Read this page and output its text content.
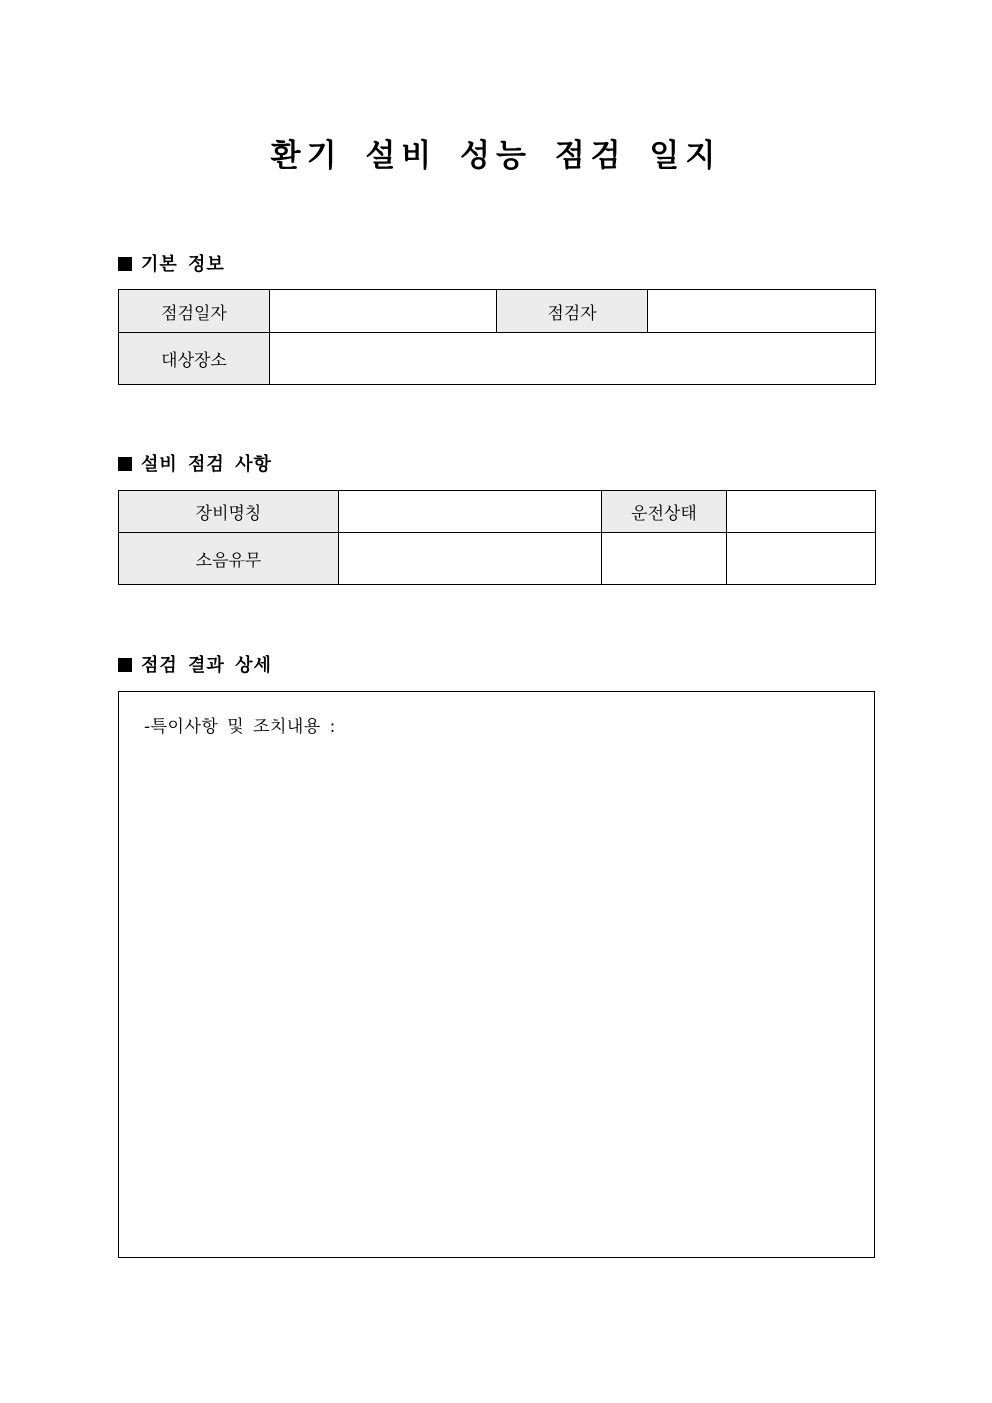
환기 설비 성능 점검 일지
기본 정보
점검일자		점검자	
대상장소			
설비 점검 사항
장비명칭		운전상태	
소음유무			
점검 결과 상세
-특이사항 및 조치내용 :
